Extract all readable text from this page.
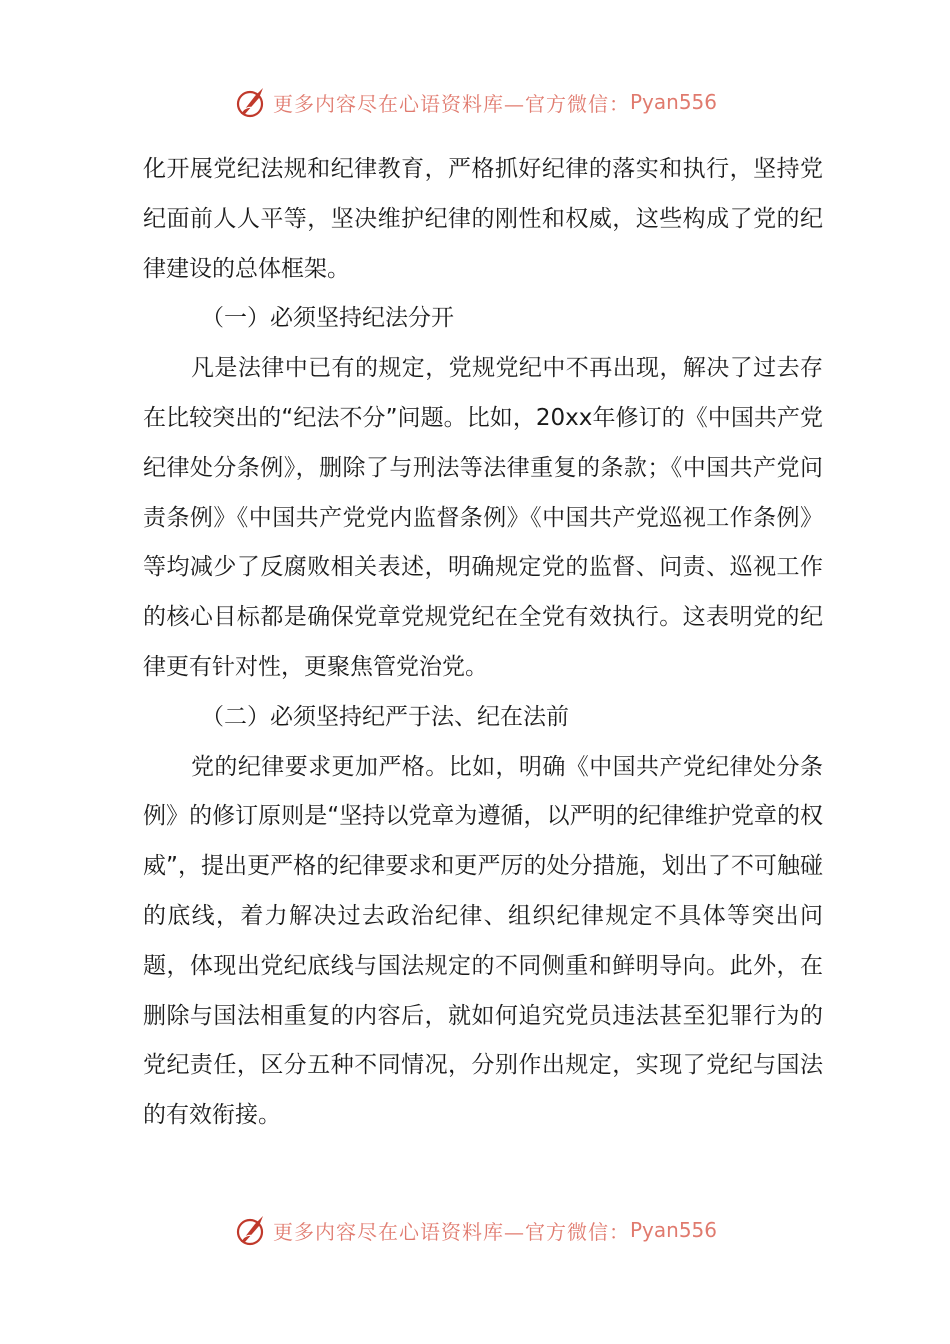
更多内容尽在心语资料库—官方微信： Pyan556

化开展党纪法规和纪律教育，严格抓好纪律的落实和执行，坚持党纪面前人人平等，坚决维护纪律的刚性和权威，这些构成了党的纪律建设的总体框架。

（一）必须坚持纪法分开

凡是法律中已有的规定，党规党纪中不再出现，解决了过去存在比较突出的“纪法不分”问题。比如，20xx年修订的《中国共产党纪律处分条例》，删除了与刑法等法律重复的条款；《中国共产党问责条例》《中国共产党党内监督条例》《中国共产党巡视工作条例》等均减少了反腐败相关表述，明确规定党的监督、问责、巡视工作的核心目标都是确保党章党规党纪在全党有效执行。这表明党的纪律更有针对性，更聚焦管党治党。

（二）必须坚持纪严于法、纪在法前

党的纪律要求更加严格。比如，明确《中国共产党纪律处分条例》的修订原则是“坚持以党章为遵循，以严明的纪律维护党章的权威”，提出更严格的纪律要求和更严厉的处分措施，划出了不可触碰的底线，着力解决过去政治纪律、组织纪律规定不具体等突出问题，体现出党纪底线与国法规定的不同侧重和鲜明导向。此外，在删除与国法相重复的内容后，就如何追究党员违法甚至犯罪行为的党纪责任，区分五种不同情况，分别作出规定，实现了党纪与国法的有效衔接。

更多内容尽在心语资料库—官方微信： Pyan556
